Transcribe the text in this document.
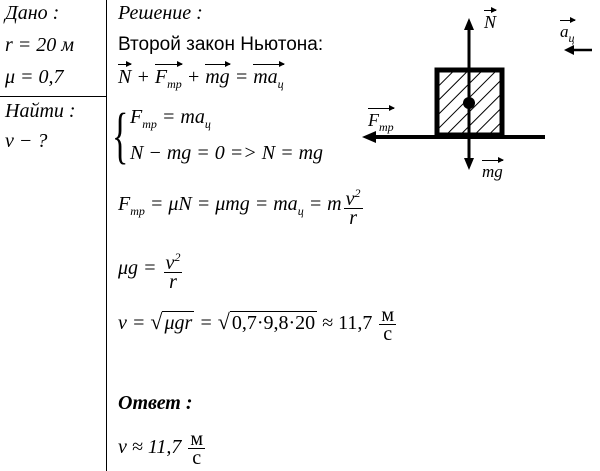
Дано :
r = 20 м
μ = 0,7
Найти :
v − ?
Решение :
Второй закон Ньютона:
$N + F_{тр}$ + mg = $ma_ц$
{ $F_{тр} = ma_ц$
N − mg = 0 => N = mg
$F_{тр} = \mu N = \mu mg = ma_ц = m \frac{v^2}{r}$
$\mu g = \frac{v^2}{r}$
v = √ μgr = √ $0,7\cdot 9,8\cdot 20 \approx 11,7 \frac{м}{с}$
Ответ :
$v \approx 11,7 \frac{м}{с}$
N
$F_{тр}$
mg
$a_ц$
